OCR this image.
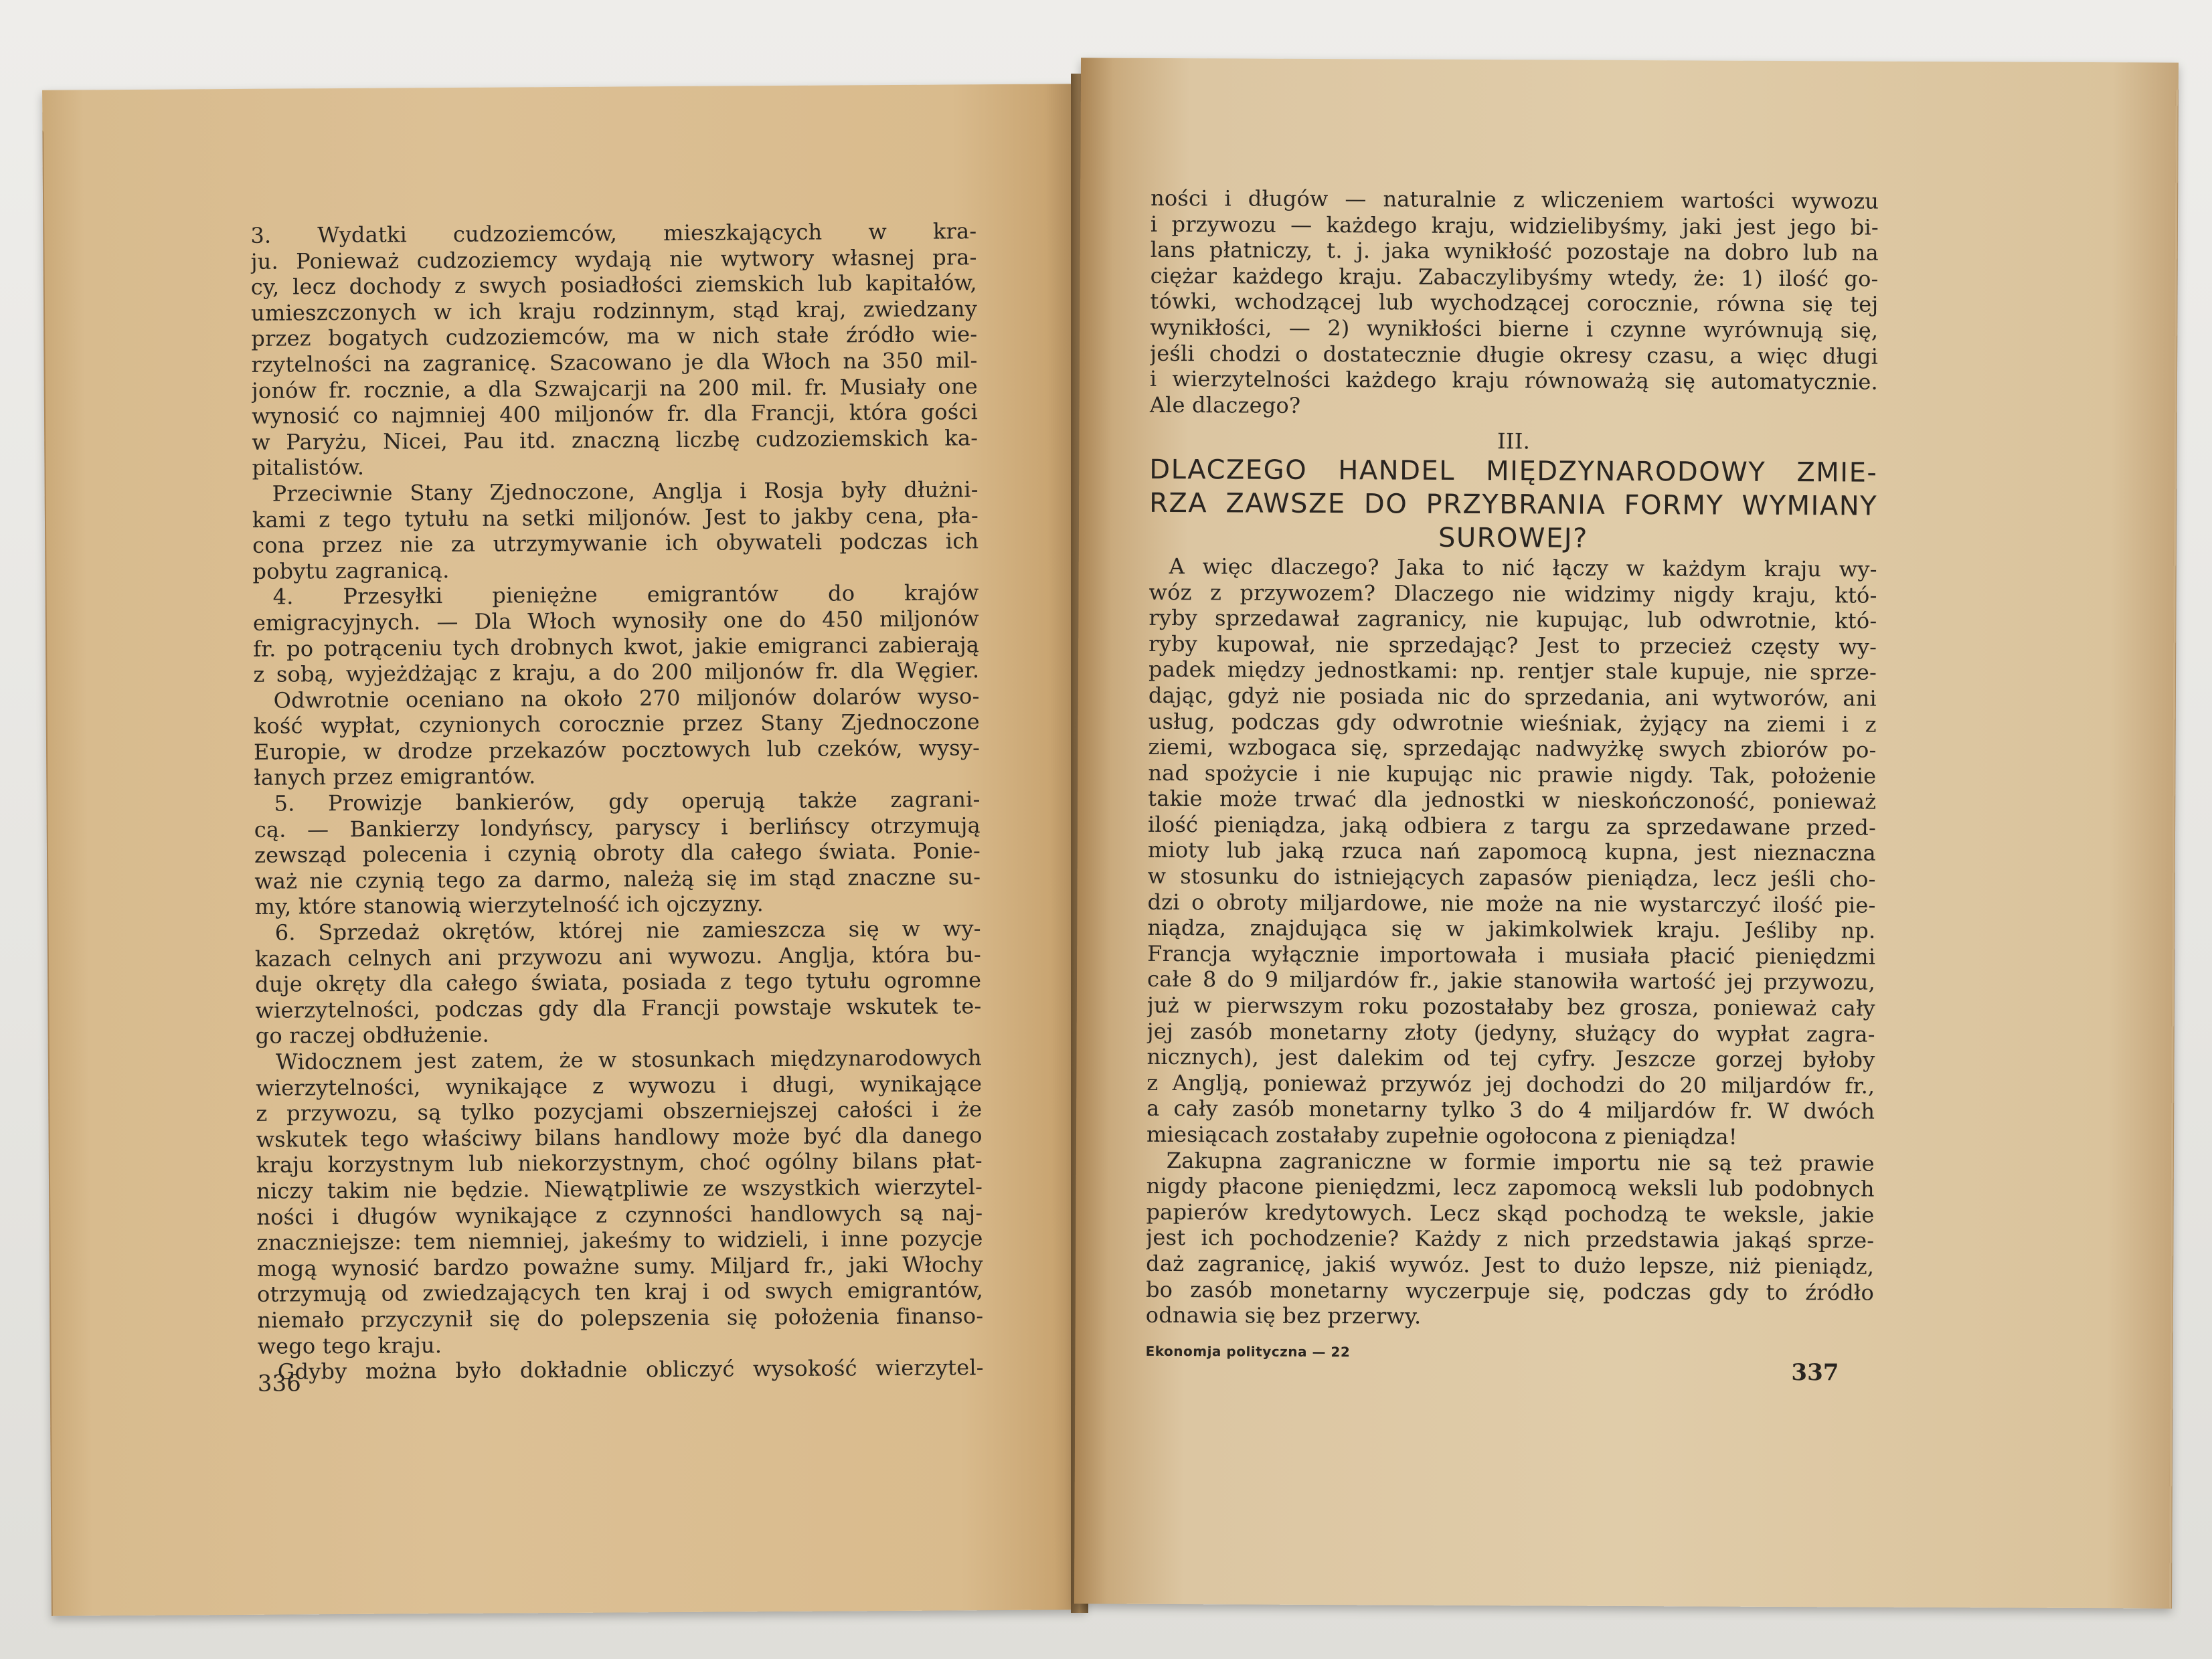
3. Wydatki cudzoziemców, mieszkających w kra-
ju. Ponieważ cudzoziemcy wydają nie wytwory własnej pra-
cy, lecz dochody z swych posiadłości ziemskich lub kapitałów,
umieszczonych w ich kraju rodzinnym, stąd kraj, zwiedzany
przez bogatych cudzoziemców, ma w nich stałe źródło wie-
rzytelności na zagranicę. Szacowano je dla Włoch na 350 mil-
jonów fr. rocznie, a dla Szwajcarji na 200 mil. fr. Musiały one
wynosić co najmniej 400 miljonów fr. dla Francji, która gości
w Paryżu, Nicei, Pau itd. znaczną liczbę cudzoziemskich ka-
pitalistów.
Przeciwnie Stany Zjednoczone, Anglja i Rosja były dłużni-
kami z tego tytułu na setki miljonów. Jest to jakby cena, pła-
cona przez nie za utrzymywanie ich obywateli podczas ich
pobytu zagranicą.
4. Przesyłki pieniężne emigrantów do krajów
emigracyjnych. — Dla Włoch wynosiły one do 450 miljonów
fr. po potrąceniu tych drobnych kwot, jakie emigranci zabierają
z sobą, wyjeżdżając z kraju, a do 200 miljonów fr. dla Węgier.
Odwrotnie oceniano na około 270 miljonów dolarów wyso-
kość wypłat, czynionych corocznie przez Stany Zjednoczone
Europie, w drodze przekazów pocztowych lub czeków, wysy-
łanych przez emigrantów.
5. Prowizje bankierów, gdy operują także zagrani-
cą. — Bankierzy londyńscy, paryscy i berlińscy otrzymują
zewsząd polecenia i czynią obroty dla całego świata. Ponie-
waż nie czynią tego za darmo, należą się im stąd znaczne su-
my, które stanowią wierzytelność ich ojczyzny.
6. Sprzedaż okrętów, której nie zamieszcza się w wy-
kazach celnych ani przywozu ani wywozu. Anglja, która bu-
duje okręty dla całego świata, posiada z tego tytułu ogromne
wierzytelności, podczas gdy dla Francji powstaje wskutek te-
go raczej obdłużenie.
Widocznem jest zatem, że w stosunkach międzynarodowych
wierzytelności, wynikające z wywozu i długi, wynikające
z przywozu, są tylko pozycjami obszerniejszej całości i że
wskutek tego właściwy bilans handlowy może być dla danego
kraju korzystnym lub niekorzystnym, choć ogólny bilans płat-
niczy takim nie będzie. Niewątpliwie ze wszystkich wierzytel-
ności i długów wynikające z czynności handlowych są naj-
znaczniejsze: tem niemniej, jakeśmy to widzieli, i inne pozycje
mogą wynosić bardzo poważne sumy. Miljard fr., jaki Włochy
otrzymują od zwiedzających ten kraj i od swych emigrantów,
niemało przyczynił się do polepszenia się położenia finanso-
wego tego kraju.
Gdyby można było dokładnie obliczyć wysokość wierzytel-
336
ności i długów — naturalnie z wliczeniem wartości wywozu
i przywozu — każdego kraju, widzielibyśmy, jaki jest jego bi-
lans płatniczy, t. j. jaka wynikłość pozostaje na dobro lub na
ciężar każdego kraju. Zabaczylibyśmy wtedy, że: 1) ilość go-
tówki, wchodzącej lub wychodzącej corocznie, równa się tej
wynikłości, — 2) wynikłości bierne i czynne wyrównują się,
jeśli chodzi o dostatecznie długie okresy czasu, a więc długi
i wierzytelności każdego kraju równoważą się automatycznie.
Ale dlaczego?
III.
DLACZEGO HANDEL MIĘDZYNARODOWY ZMIE-
RZA ZAWSZE DO PRZYBRANIA FORMY WYMIANY
SUROWEJ?
A więc dlaczego? Jaka to nić łączy w każdym kraju wy-
wóz z przywozem? Dlaczego nie widzimy nigdy kraju, któ-
ryby sprzedawał zagranicy, nie kupując, lub odwrotnie, któ-
ryby kupował, nie sprzedając? Jest to przecież częsty wy-
padek między jednostkami: np. rentjer stale kupuje, nie sprze-
dając, gdyż nie posiada nic do sprzedania, ani wytworów, ani
usług, podczas gdy odwrotnie wieśniak, żyjący na ziemi i z
ziemi, wzbogaca się, sprzedając nadwyżkę swych zbiorów po-
nad spożycie i nie kupując nic prawie nigdy. Tak, położenie
takie może trwać dla jednostki w nieskończoność, ponieważ
ilość pieniądza, jaką odbiera z targu za sprzedawane przed-
mioty lub jaką rzuca nań zapomocą kupna, jest nieznaczna
w stosunku do istniejących zapasów pieniądza, lecz jeśli cho-
dzi o obroty miljardowe, nie może na nie wystarczyć ilość pie-
niądza, znajdująca się w jakimkolwiek kraju. Jeśliby np.
Francja wyłącznie importowała i musiała płacić pieniędzmi
całe 8 do 9 miljardów fr., jakie stanowiła wartość jej przywozu,
już w pierwszym roku pozostałaby bez grosza, ponieważ cały
jej zasób monetarny złoty (jedyny, służący do wypłat zagra-
nicznych), jest dalekim od tej cyfry. Jeszcze gorzej byłoby
z Anglją, ponieważ przywóz jej dochodzi do 20 miljardów fr.,
a cały zasób monetarny tylko 3 do 4 miljardów fr. W dwóch
miesiącach zostałaby zupełnie ogołocona z pieniądza!
Zakupna zagraniczne w formie importu nie są też prawie
nigdy płacone pieniędzmi, lecz zapomocą weksli lub podobnych
papierów kredytowych. Lecz skąd pochodzą te weksle, jakie
jest ich pochodzenie? Każdy z nich przedstawia jakąś sprze-
daż zagranicę, jakiś wywóz. Jest to dużo lepsze, niż pieniądz,
bo zasób monetarny wyczerpuje się, podczas gdy to źródło
odnawia się bez przerwy.
Ekonomja polityczna — 22
337
